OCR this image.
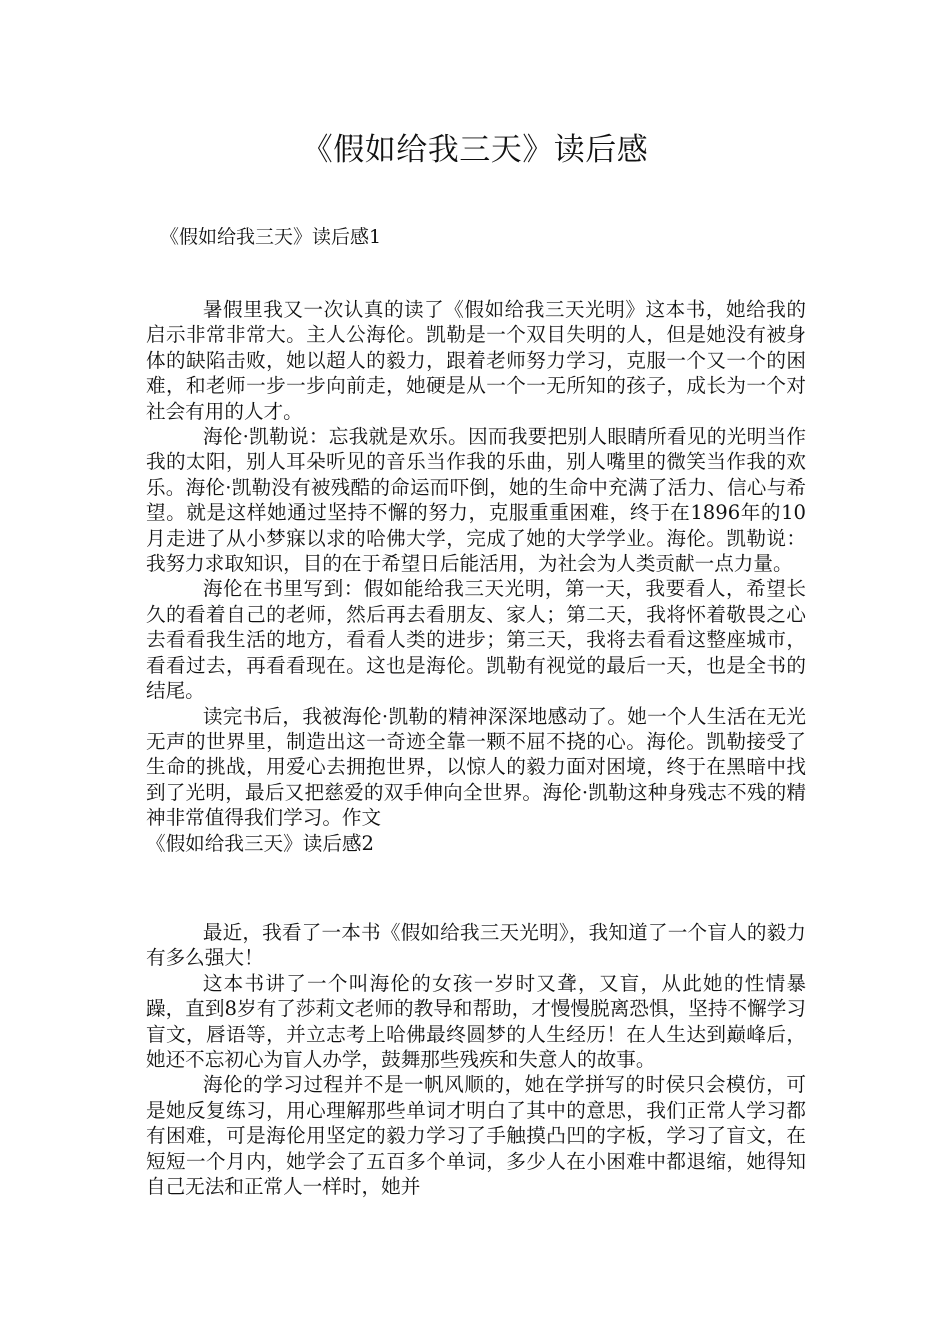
《假如给我三天》读后感
《假如给我三天》读后感1

暑假里我又一次认真的读了《假如给我三天光明》这本书，她给我的启示非常非常大。主人公海伦。凯勒是一个双目失明的人，但是她没有被身体的缺陷击败，她以超人的毅力，跟着老师努力学习，克服一个又一个的困难，和老师一步一步向前走，她硬是从一个一无所知的孩子，成长为一个对社会有用的人才。

海伦·凯勒说：忘我就是欢乐。因而我要把别人眼睛所看见的光明当作我的太阳，别人耳朵听见的音乐当作我的乐曲，别人嘴里的微笑当作我的欢乐。海伦·凯勒没有被残酷的命运而吓倒，她的生命中充满了活力、信心与希望。就是这样她通过坚持不懈的努力，克服重重困难，终于在1896年的10月走进了从小梦寐以求的哈佛大学，完成了她的大学学业。海伦。凯勒说：我努力求取知识，目的在于希望日后能活用，为社会为人类贡献一点力量。

海伦在书里写到：假如能给我三天光明，第一天，我要看人，希望长久的看着自己的老师，然后再去看朋友、家人；第二天，我将怀着敬畏之心去看看我生活的地方，看看人类的进步；第三天，我将去看看这整座城市，看看过去，再看看现在。这也是海伦。凯勒有视觉的最后一天，也是全书的结尾。

读完书后，我被海伦·凯勒的精神深深地感动了。她一个人生活在无光无声的世界里，制造出这一奇迹全靠一颗不屈不挠的心。海伦。凯勒接受了生命的挑战，用爱心去拥抱世界，以惊人的毅力面对困境，终于在黑暗中找到了光明，最后又把慈爱的双手伸向全世界。海伦·凯勒这种身残志不残的精神非常值得我们学习。作文

《假如给我三天》读后感2

最近，我看了一本书《假如给我三天光明》，我知道了一个盲人的毅力有多么强大！

这本书讲了一个叫海伦的女孩一岁时又聋，又盲，从此她的性情暴躁，直到8岁有了莎莉文老师的教导和帮助，才慢慢脱离恐惧，坚持不懈学习盲文，唇语等，并立志考上哈佛最终圆梦的人生经历！在人生达到巅峰后，她还不忘初心为盲人办学，鼓舞那些残疾和失意人的故事。

海伦的学习过程并不是一帆风顺的，她在学拼写的时侯只会模仿，可是她反复练习，用心理解那些单词才明白了其中的意思，我们正常人学习都有困难，可是海伦用坚定的毅力学习了手触摸凸凹的字板，学习了盲文，在短短一个月内，她学会了五百多个单词，多少人在小困难中都退缩，她得知自己无法和正常人一样时，她并
